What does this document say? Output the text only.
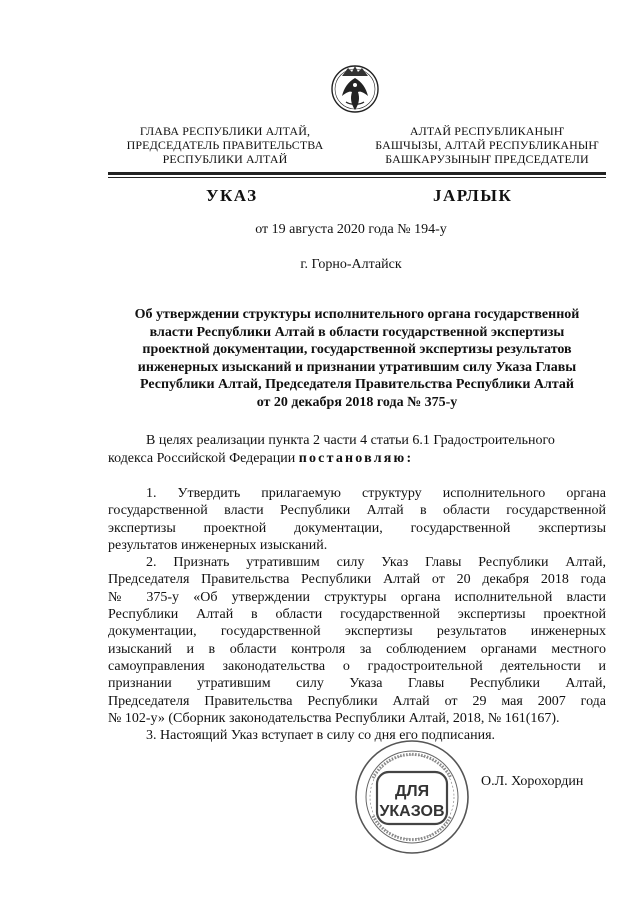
ГЛАВА РЕСПУБЛИКИ АЛТАЙ,
ПРЕДСЕДАТЕЛЬ ПРАВИТЕЛЬСТВА
РЕСПУБЛИКИ АЛТАЙ
АЛТАЙ РЕСПУБЛИКАНЫҤ
БАШЧЫЗЫ, АЛТАЙ РЕСПУБЛИКАНЫҤ
БАШКАРУЗЫНЫҤ ПРЕДСЕДАТЕЛИ
УКАЗ	ЈАРЛЫК
от 19 августа 2020 года № 194-у
г. Горно-Алтайск
Об утверждении структуры исполнительного органа государственной
власти Республики Алтай в области государственной экспертизы
проектной документации, государственной экспертизы результатов
инженерных изысканий и признании утратившим силу Указа Главы
Республики Алтай, Председателя Правительства Республики Алтай
от 20 декабря 2018 года № 375-у
В целях реализации пункта 2 части 4 статьи 6.1 Градостроительного
кодекса Российской Федерации постановляю:
1. Утвердить прилагаемую структуру исполнительного органа
государственной власти Республики Алтай в области государственной
экспертизы проектной документации, государственной экспертизы
результатов инженерных изысканий.
2. Признать утратившим силу Указ Главы Республики Алтай,
Председателя Правительства Республики Алтай от 20 декабря 2018 года
№ 375-у «Об утверждении структуры органа исполнительной власти
Республики Алтай в области государственной экспертизы проектной
документации, государственной экспертизы результатов инженерных
изысканий и в области контроля за соблюдением органами местного
самоуправления законодательства о градостроительной деятельности и
признании утратившим силу Указа Главы Республики Алтай,
Председателя Правительства Республики Алтай от 29 мая 2007 года
№ 102-у» (Сборник законодательства Республики Алтай, 2018, № 161(167).
3. Настоящий Указ вступает в силу со дня его подписания.
ДЛЯ
УКАЗОВ
О.Л. Хорохордин
